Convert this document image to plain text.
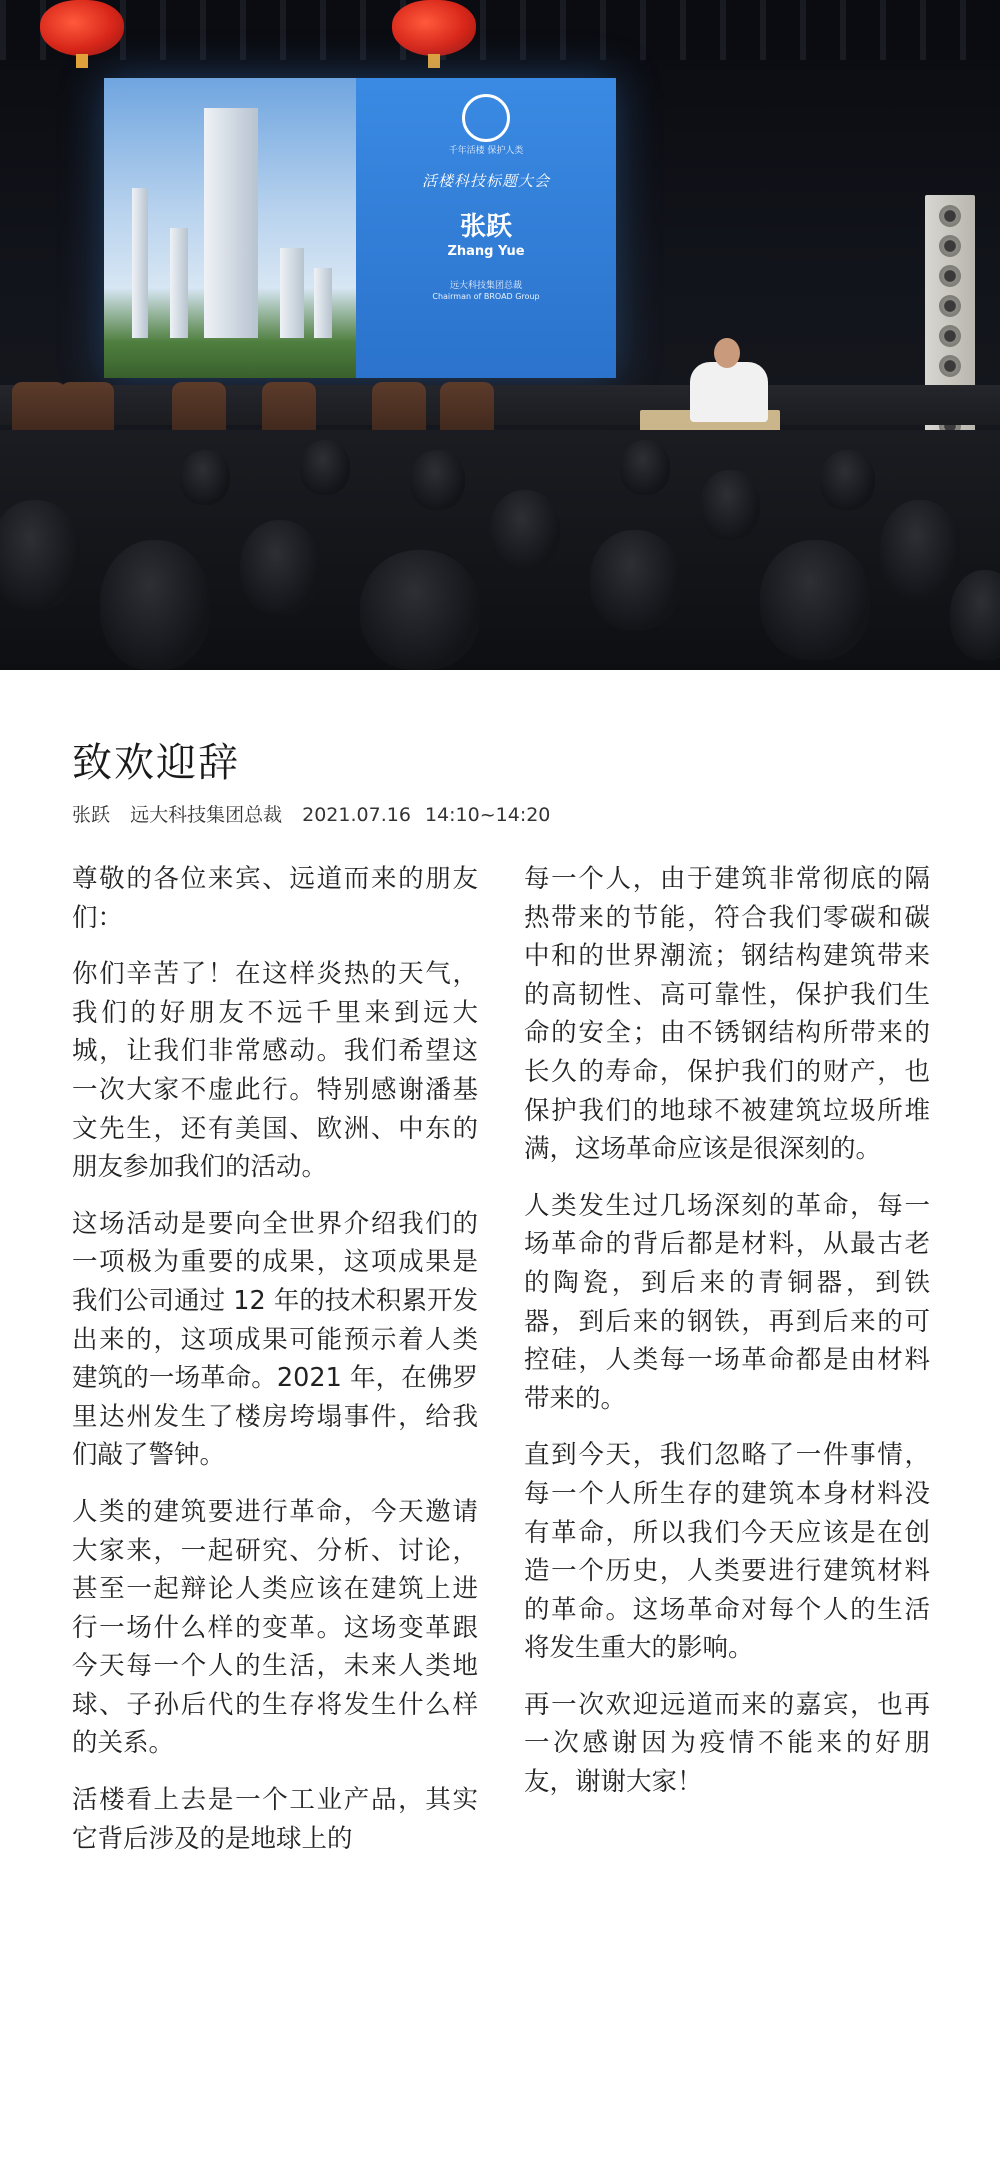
千年活楼 保护人类
活楼科技标题大会
张跃
Zhang Yue
远大科技集团总裁
Chairman of BROAD Group
致欢迎辞
张跃 远大科技集团总裁 2021.07.16 14:10~14:20

尊敬的各位来宾、远道而来的朋友们：

你们辛苦了！在这样炎热的天气，我们的好朋友不远千里来到远大城，让我们非常感动。我们希望这一次大家不虚此行。特别感谢潘基文先生，还有美国、欧洲、中东的朋友参加我们的活动。

这场活动是要向全世界介绍我们的一项极为重要的成果，这项成果是我们公司通过 12 年的技术积累开发出来的，这项成果可能预示着人类建筑的一场革命。2021 年，在佛罗里达州发生了楼房垮塌事件，给我们敲了警钟。

人类的建筑要进行革命，今天邀请大家来，一起研究、分析、讨论，甚至一起辩论人类应该在建筑上进行一场什么样的变革。这场变革跟今天每一个人的生活，未来人类地球、子孙后代的生存将发生什么样的关系。

活楼看上去是一个工业产品，其实它背后涉及的是地球上的

每一个人，由于建筑非常彻底的隔热带来的节能，符合我们零碳和碳中和的世界潮流；钢结构建筑带来的高韧性、高可靠性，保护我们生命的安全；由不锈钢结构所带来的长久的寿命，保护我们的财产，也保护我们的地球不被建筑垃圾所堆满，这场革命应该是很深刻的。

人类发生过几场深刻的革命，每一场革命的背后都是材料，从最古老的陶瓷，到后来的青铜器，到铁器，到后来的钢铁，再到后来的可控硅，人类每一场革命都是由材料带来的。

直到今天，我们忽略了一件事情，每一个人所生存的建筑本身材料没有革命，所以我们今天应该是在创造一个历史，人类要进行建筑材料的革命。这场革命对每个人的生活将发生重大的影响。

再一次欢迎远道而来的嘉宾，也再一次感谢因为疫情不能来的好朋友，谢谢大家！
